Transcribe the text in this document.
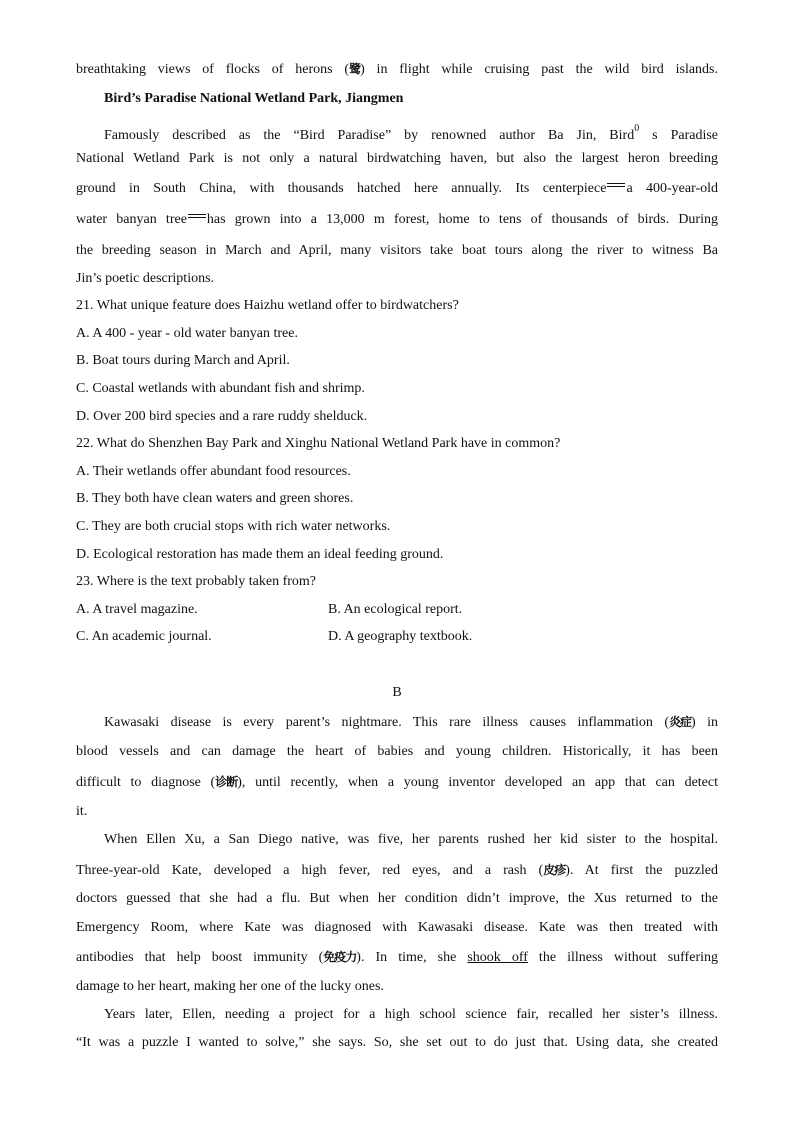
breathtaking views of flocks of herons (鹭) in flight while cruising past the wild bird islands.
Bird’s Paradise National Wetland Park, Jiangmen
Famously described as the “Bird Paradise” by renowned author Ba Jin, Bird$^0$ s Paradise
National Wetland Park is not only a natural birdwatching haven, but also the largest heron breeding
ground in South China, with thousands hatched here annually. Its centerpiece a 400-year-old
water banyan tree has grown into a 13,000 m forest, home to tens of thousands of birds. During
the breeding season in March and April, many visitors take boat tours along the river to witness Ba
Jin’s poetic descriptions.
21. What unique feature does Haizhu wetland offer to birdwatchers?
A. A 400 - year - old water banyan tree.
B. Boat tours during March and April.
C. Coastal wetlands with abundant fish and shrimp.
D. Over 200 bird species and a rare ruddy shelduck.
22. What do Shenzhen Bay Park and Xinghu National Wetland Park have in common?
A. Their wetlands offer abundant food resources.
B. They both have clean waters and green shores.
C. They are both crucial stops with rich water networks.
D. Ecological restoration has made them an ideal feeding ground.
23. Where is the text probably taken from?
A. A travel magazine.	B. An ecological report.
C. An academic journal.	D. A geography textbook.
B
Kawasaki disease is every parent’s nightmare. This rare illness causes inflammation (炎症) in
blood vessels and can damage the heart of babies and young children. Historically, it has been
difficult to diagnose (诊断), until recently, when a young inventor developed an app that can detect
it.
When Ellen Xu, a San Diego native, was five, her parents rushed her kid sister to the hospital.
Three-year-old Kate, developed a high fever, red eyes, and a rash (皮疹). At first the puzzled
doctors guessed that she had a flu. But when her condition didn’t improve, the Xus returned to the
Emergency Room, where Kate was diagnosed with Kawasaki disease. Kate was then treated with
antibodies that help boost immunity (免疫力). In time, she shook off the illness without suffering
damage to her heart, making her one of the lucky ones.
Years later, Ellen, needing a project for a high school science fair, recalled her sister’s illness.
“It was a puzzle I wanted to solve,” she says. So, she set out to do just that. Using data, she created
